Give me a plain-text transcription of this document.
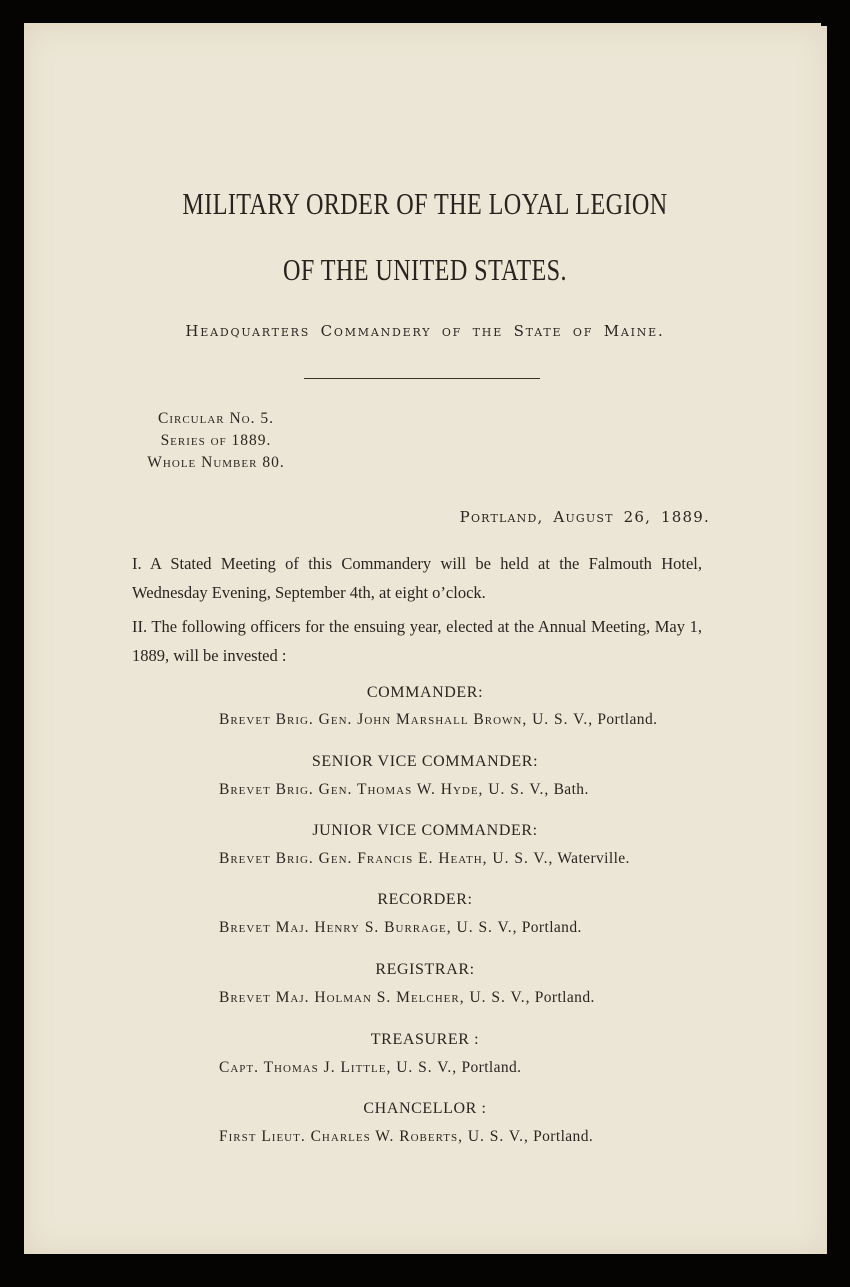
MILITARY ORDER OF THE LOYAL LEGION
OF THE UNITED STATES.
Headquarters Commandery of the State of Maine.
Circular No. 5.
Series of 1889.
Whole Number 80.
Portland, August 26, 1889.
I. A Stated Meeting of this Commandery will be held at the Falmouth Hotel, Wednesday Evening, September 4th, at eight o’clock.
II. The following officers for the ensuing year, elected at the Annual Meeting, May 1, 1889, will be invested :
COMMANDER:
Brevet Brig. Gen. John Marshall Brown, U. S. V., Portland.
SENIOR VICE COMMANDER:
Brevet Brig. Gen. Thomas W. Hyde, U. S. V., Bath.
JUNIOR VICE COMMANDER:
Brevet Brig. Gen. Francis E. Heath, U. S. V., Waterville.
RECORDER:
Brevet Maj. Henry S. Burrage, U. S. V., Portland.
REGISTRAR:
Brevet Maj. Holman S. Melcher, U. S. V., Portland.
TREASURER :
Capt. Thomas J. Little, U. S. V., Portland.
CHANCELLOR :
First Lieut. Charles W. Roberts, U. S. V., Portland.
